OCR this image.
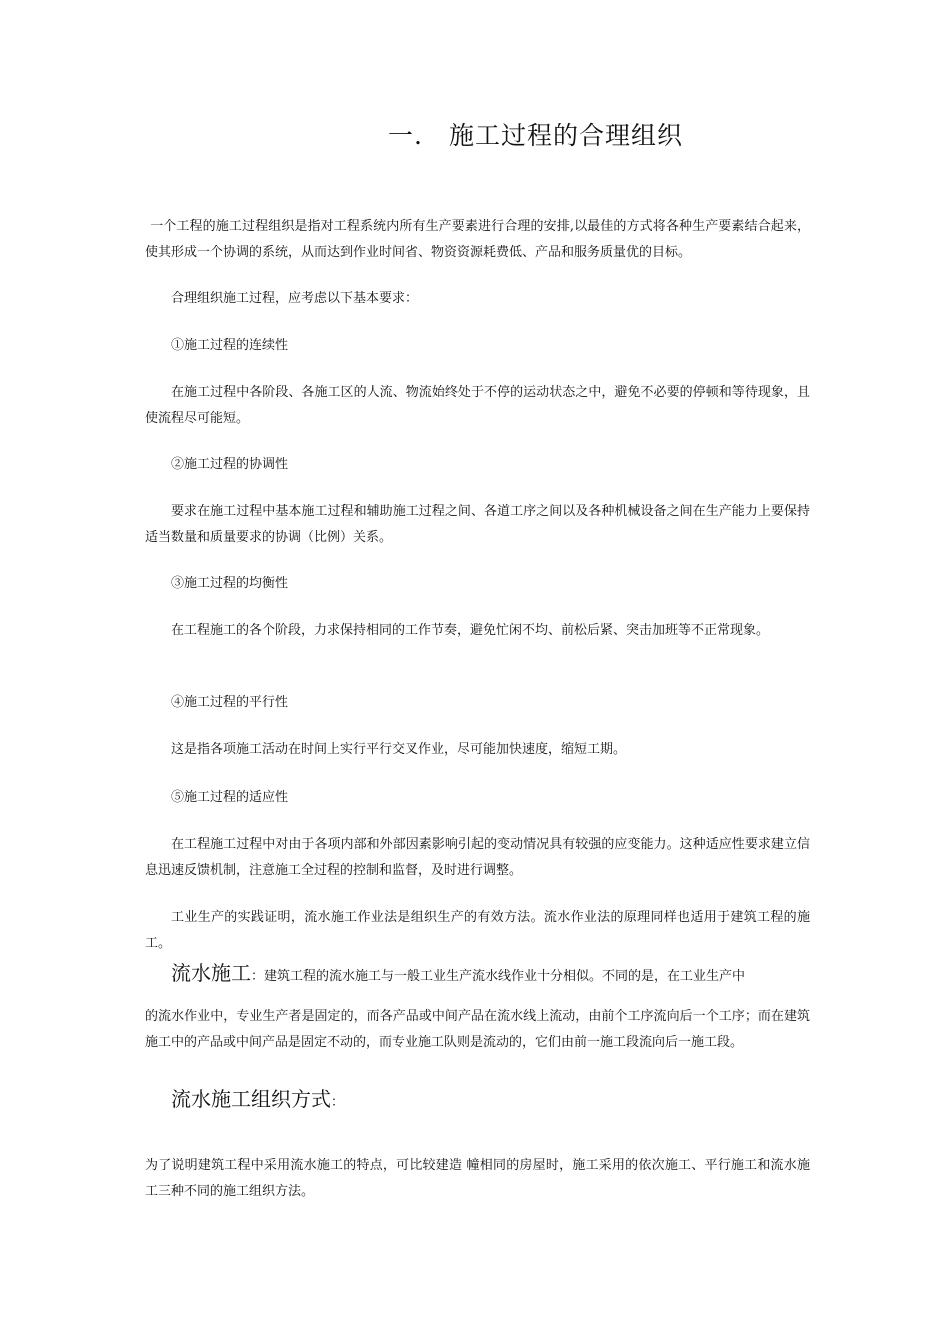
一. 施工过程的合理组织
一个工程的施工过程组织是指对工程系统内所有生产要素进行合理的安排,以最佳的方式将各种生产要素结合起来，使其形成一个协调的系统，从而达到作业时间省、物资资源耗费低、产品和服务质量优的目标。
合理组织施工过程，应考虑以下基本要求：
①施工过程的连续性
在施工过程中各阶段、各施工区的人流、物流始终处于不停的运动状态之中，避免不必要的停顿和等待现象，且使流程尽可能短。
②施工过程的协调性
要求在施工过程中基本施工过程和辅助施工过程之间、各道工序之间以及各种机械设备之间在生产能力上要保持适当数量和质量要求的协调（比例）关系。
③施工过程的均衡性
在工程施工的各个阶段，力求保持相同的工作节奏，避免忙闲不均、前松后紧、突击加班等不正常现象。
④施工过程的平行性
这是指各项施工活动在时间上实行平行交叉作业，尽可能加快速度，缩短工期。
⑤施工过程的适应性
在工程施工过程中对由于各项内部和外部因素影响引起的变动情况具有较强的应变能力。这种适应性要求建立信息迅速反馈机制，注意施工全过程的控制和监督，及时进行调整。
工业生产的实践证明，流水施工作业法是组织生产的有效方法。流水作业法的原理同样也适用于建筑工程的施工。
流水施工：建筑工程的流水施工与一般工业生产流水线作业十分相似。不同的是，在工业生产中
的流水作业中，专业生产者是固定的，而各产品或中间产品在流水线上流动，由前个工序流向后一个工序；而在建筑施工中的产品或中间产品是固定不动的，而专业施工队则是流动的，它们由前一施工段流向后一施工段。
流水施工组织方式：
为了说明建筑工程中采用流水施工的特点，可比较建造 幢相同的房屋时，施工采用的依次施工、平行施工和流水施工三种不同的施工组织方法。
